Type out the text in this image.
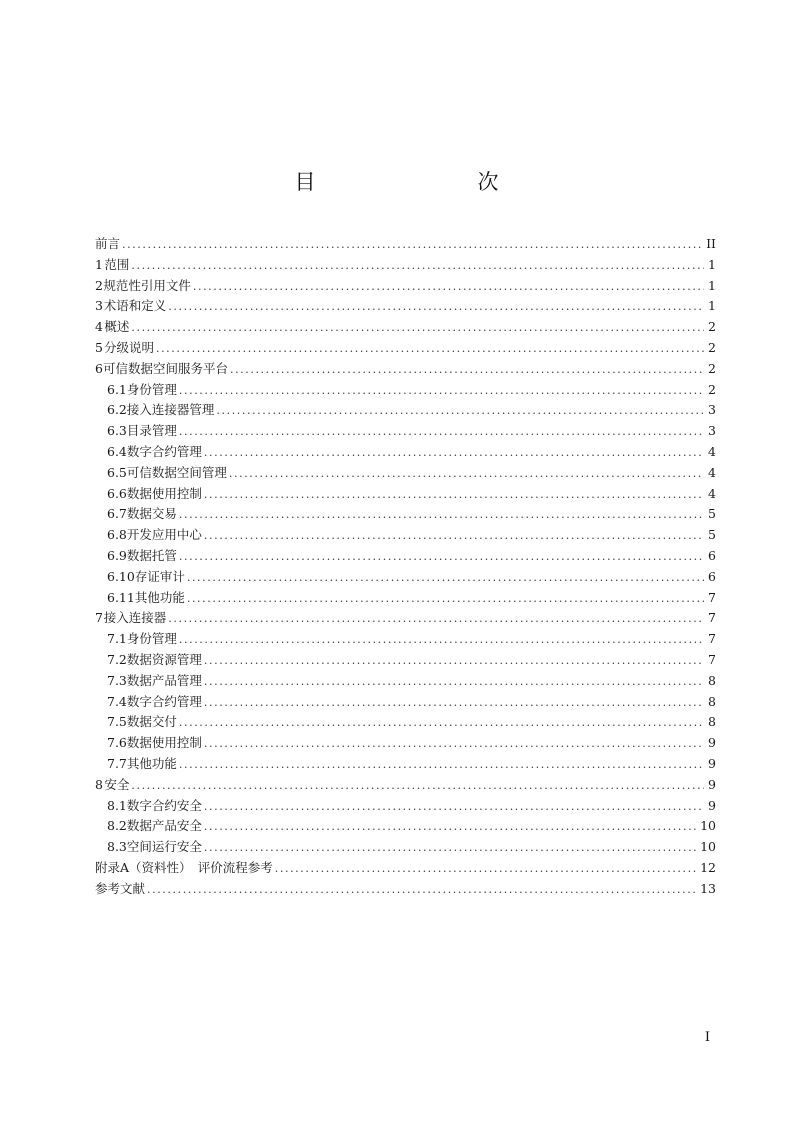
目　　次
前言 .....	II
1 范围 .....	1
2 规范性引用文件 .....	1
3 术语和定义 .....	1
4 概述 .....	2
5 分级说明 .....	2
6 可信数据空间服务平台 .....	2
6.1 身份管理 .....	2
6.2 接入连接器管理 .....	3
6.3 目录管理 .....	3
6.4 数字合约管理 .....	4
6.5 可信数据空间管理 .....	4
6.6 数据使用控制 .....	4
6.7 数据交易 .....	5
6.8 开发应用中心 .....	5
6.9 数据托管 .....	6
6.10 存证审计 .....	6
6.11 其他功能 .....	7
7 接入连接器 .....	7
7.1 身份管理 .....	7
7.2 数据资源管理 .....	7
7.3 数据产品管理 .....	8
7.4 数字合约管理 .....	8
7.5 数据交付 .....	8
7.6 数据使用控制 .....	9
7.7 其他功能 .....	9
8 安全 .....	9
8.1 数字合约安全 .....	9
8.2 数据产品安全 .....	10
8.3 空间运行安全 .....	10
附录A（资料性）　评价流程参考 .....	12
参考文献 .....	13
I
